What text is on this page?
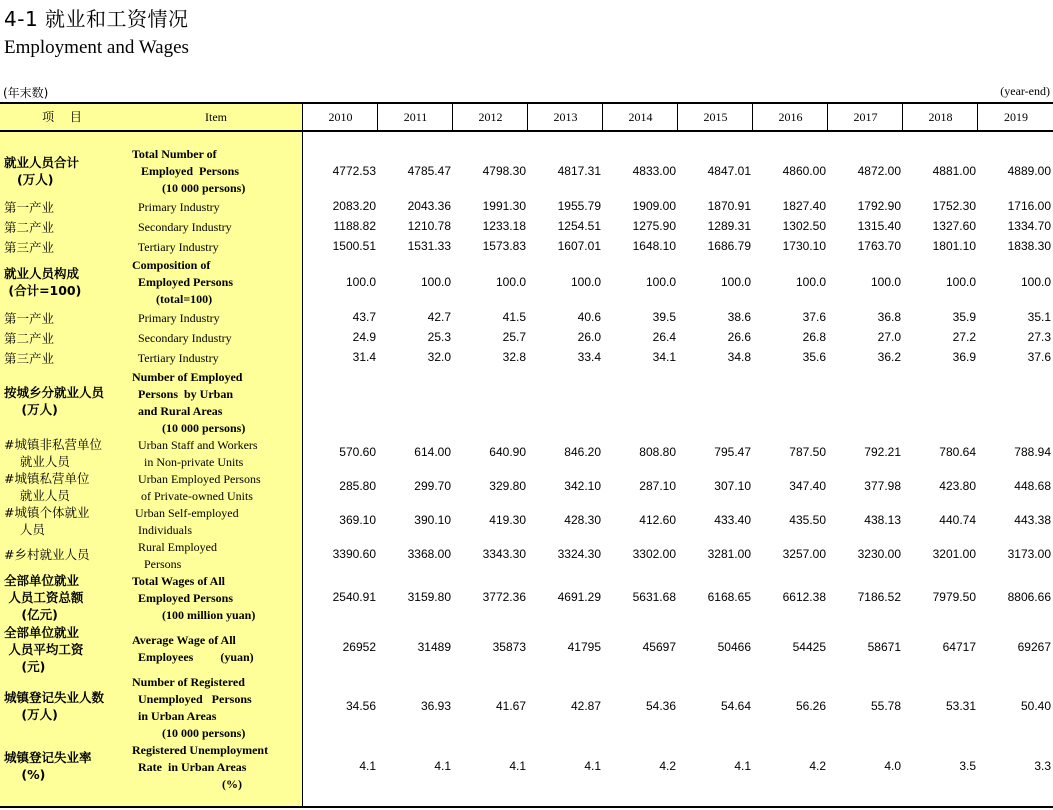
4-1 就业和工资情况
Employment and Wages
(年末数)	(year-end)
项 目	Item	2010	2011	2012	2013	2014	2015	2016	2017	2018	2019
就业人员合计
(万人)
Total Number of
Employed  Persons
(10 000 persons)
4772.53	4785.47	4798.30	4817.31	4833.00	4847.01	4860.00	4872.00	4881.00	4889.00
第一产业	Primary Industry	2083.20	2043.36	1991.30	1955.79	1909.00	1870.91	1827.40	1792.90	1752.30	1716.00
第二产业	Secondary Industry	1188.82	1210.78	1233.18	1254.51	1275.90	1289.31	1302.50	1315.40	1327.60	1334.70
第三产业	Tertiary Industry	1500.51	1531.33	1573.83	1607.01	1648.10	1686.79	1730.10	1763.70	1801.10	1838.30
就业人员构成
(合计=100)
Composition of
Employed Persons
(total=100)
100.0	100.0	100.0	100.0	100.0	100.0	100.0	100.0	100.0	100.0
第一产业	Primary Industry	43.7	42.7	41.5	40.6	39.5	38.6	37.6	36.8	35.9	35.1
第二产业	Secondary Industry	24.9	25.3	25.7	26.0	26.4	26.6	26.8	27.0	27.2	27.3
第三产业	Tertiary Industry	31.4	32.0	32.8	33.4	34.1	34.8	35.6	36.2	36.9	37.6
按城乡分就业人员
(万人)
Number of Employed
Persons  by Urban
and Rural Areas
(10 000 persons)
#城镇非私营单位
就业人员
Urban Staff and Workers
in Non-private Units
570.60	614.00	640.90	846.20	808.80	795.47	787.50	792.21	780.64	788.94
#城镇私营单位
就业人员
Urban Employed Persons
of Private-owned Units
285.80	299.70	329.80	342.10	287.10	307.10	347.40	377.98	423.80	448.68
#城镇个体就业
人员
Urban Self-employed
Individuals
369.10	390.10	419.30	428.30	412.60	433.40	435.50	438.13	440.74	443.38
#乡村就业人员	Rural Employed
Persons
3390.60	3368.00	3343.30	3324.30	3302.00	3281.00	3257.00	3230.00	3201.00	3173.00
全部单位就业
人员工资总额
(亿元)
Total Wages of All
Employed Persons
(100 million yuan)
2540.91	3159.80	3772.36	4691.29	5631.68	6168.65	6612.38	7186.52	7979.50	8806.66
全部单位就业
人员平均工资
(元)
Average Wage of All
Employees         (yuan)
26952	31489	35873	41795	45697	50466	54425	58671	64717	69267
城镇登记失业人数
(万人)
Number of Registered
Unemployed   Persons
in Urban Areas
(10 000 persons)
34.56	36.93	41.67	42.87	54.36	54.64	56.26	55.78	53.31	50.40
城镇登记失业率
(%)
Registered Unemployment
Rate  in Urban Areas
(%)
4.1	4.1	4.1	4.1	4.2	4.1	4.2	4.0	3.5	3.3
